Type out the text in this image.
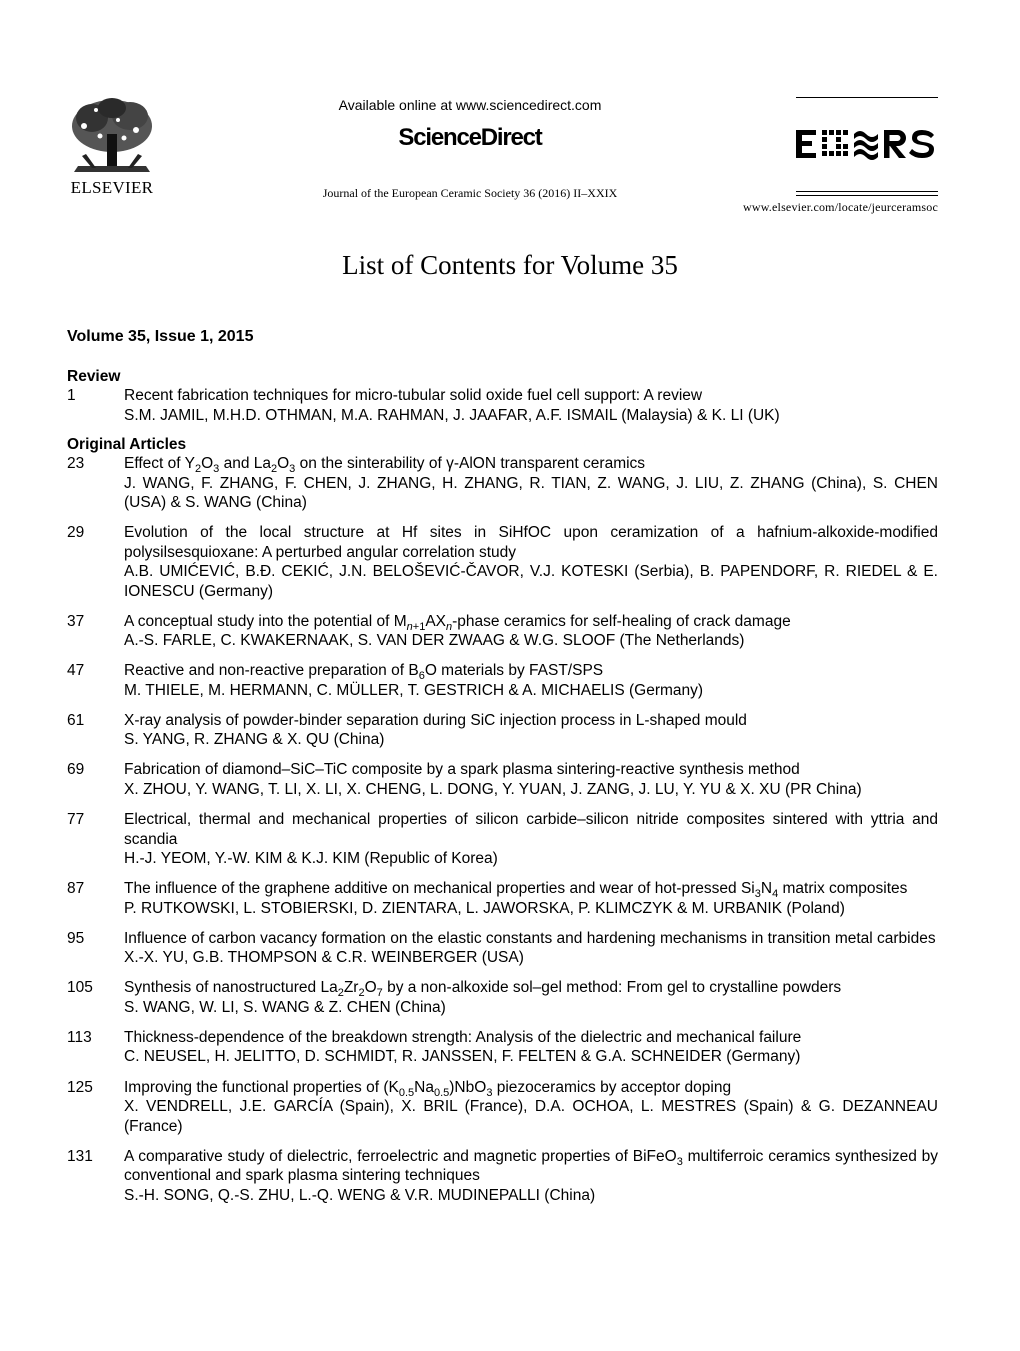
ELSEVIER
Available online at www.sciencedirect.com
ScienceDirect
Journal of the European Ceramic Society 36 (2016) II–XXIX
www.elsevier.com/locate/jeurceramsoc
List of Contents for Volume 35
Volume 35, Issue 1, 2015
Review
1	Recent fabrication techniques for micro-tubular solid oxide fuel cell support: A review
S.M. JAMIL, M.H.D. OTHMAN, M.A. RAHMAN, J. JAAFAR, A.F. ISMAIL (Malaysia) & K. LI (UK)
Original Articles
23	Effect of $Y_2O_3$ and $La_2O_3$ on the sinterability of γ-AlON transparent ceramics
J. WANG, F. ZHANG, F. CHEN, J. ZHANG, H. ZHANG, R. TIAN, Z. WANG, J. LIU, Z. ZHANG (China), S. CHEN (USA) & S. WANG (China)
29	Evolution of the local structure at Hf sites in SiHfOC upon ceramization of a hafnium-alkoxide-modified polysilsesquioxane: A perturbed angular correlation study
A.B. UMIĆEVIĆ, B.Đ. CEKIĆ, J.N. BELOŠEVIĆ-ČAVOR, V.J. KOTESKI (Serbia), B. PAPENDORF, R. RIEDEL & E. IONESCU (Germany)
37	A conceptual study into the potential of $M_{n+1}AX_n$-phase ceramics for self-healing of crack damage
A.-S. FARLE, C. KWAKERNAAK, S. VAN DER ZWAAG & W.G. SLOOF (The Netherlands)
47	Reactive and non-reactive preparation of $B_6O$ materials by FAST/SPS
M. THIELE, M. HERMANN, C. MÜLLER, T. GESTRICH & A. MICHAELIS (Germany)
61	X-ray analysis of powder-binder separation during SiC injection process in L-shaped mould
S. YANG, R. ZHANG & X. QU (China)
69	Fabrication of diamond–SiC–TiC composite by a spark plasma sintering-reactive synthesis method
X. ZHOU, Y. WANG, T. LI, X. LI, X. CHENG, L. DONG, Y. YUAN, J. ZANG, J. LU, Y. YU & X. XU (PR China)
77	Electrical, thermal and mechanical properties of silicon carbide–silicon nitride composites sintered with yttria and scandia
H.-J. YEOM, Y.-W. KIM & K.J. KIM (Republic of Korea)
87	The influence of the graphene additive on mechanical properties and wear of hot-pressed $Si_3N_4$ matrix composites
P. RUTKOWSKI, L. STOBIERSKI, D. ZIENTARA, L. JAWORSKA, P. KLIMCZYK & M. URBANIK (Poland)
95	Influence of carbon vacancy formation on the elastic constants and hardening mechanisms in transition metal carbides
X.-X. YU, G.B. THOMPSON & C.R. WEINBERGER (USA)
105	Synthesis of nanostructured $La_2Zr_2O_7$ by a non-alkoxide sol–gel method: From gel to crystalline powders
S. WANG, W. LI, S. WANG & Z. CHEN (China)
113	Thickness-dependence of the breakdown strength: Analysis of the dielectric and mechanical failure
C. NEUSEL, H. JELITTO, D. SCHMIDT, R. JANSSEN, F. FELTEN & G.A. SCHNEIDER (Germany)
125	Improving the functional properties of $(K_{0.5}Na_{0.5})NbO_3$ piezoceramics by acceptor doping
X. VENDRELL, J.E. GARCÍA (Spain), X. BRIL (France), D.A. OCHOA, L. MESTRES (Spain) & G. DEZANNEAU (France)
131	A comparative study of dielectric, ferroelectric and magnetic properties of BiFeO$_3$ multiferroic ceramics synthesized by conventional and spark plasma sintering techniques
S.-H. SONG, Q.-S. ZHU, L.-Q. WENG & V.R. MUDINEPALLI (China)
